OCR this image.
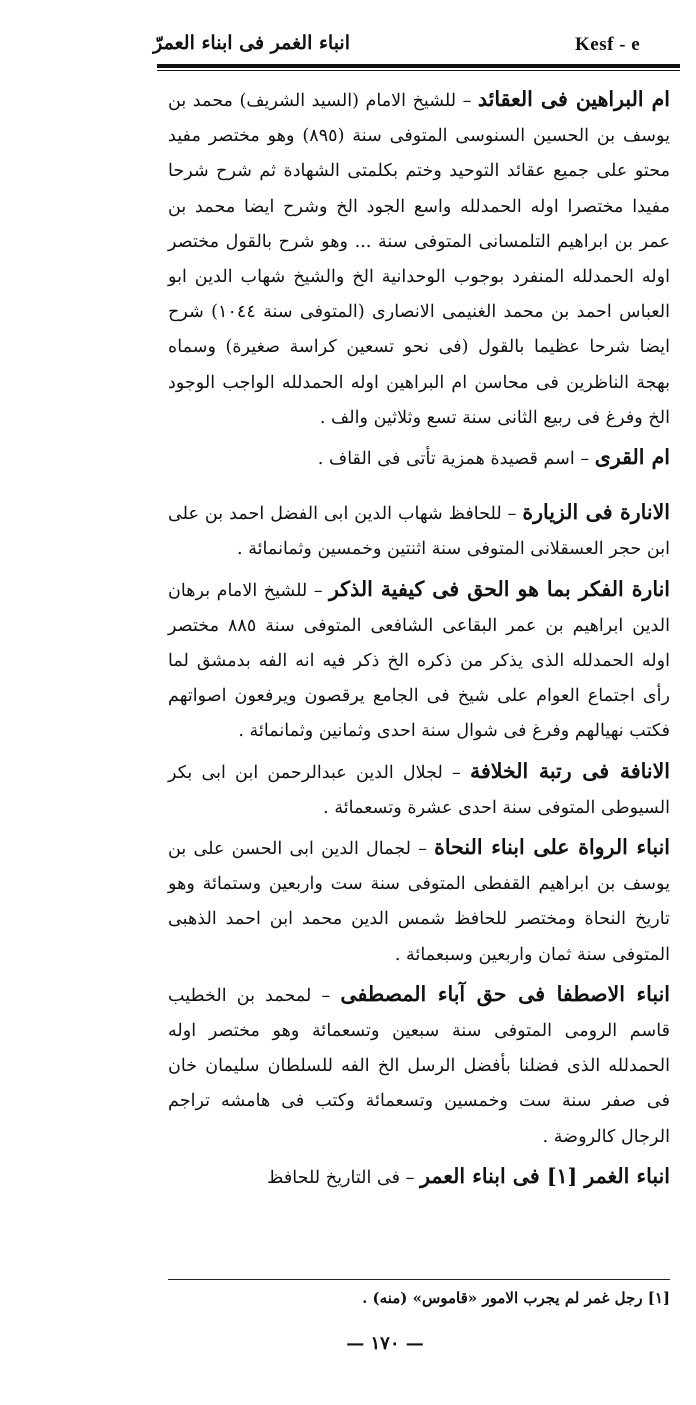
Kesf - e
انباء الغمر فى ابناء العمرّ

ام البراهين فى العقائد – للشيخ الامام (السيد الشريف) محمد بن يوسف بن الحسين السنوسى المتوفى سنة (٨٩٥) وهو مختصر مفيد محتو على جميع عقائد التوحيد وختم بكلمتى الشهادة ثم شرح شرحا مفيدا مختصرا اوله الحمدلله واسع الجود الخ وشرح ايضا محمد بن عمر بن ابراهيم التلمسانى المتوفى سنة ... وهو شرح بالقول مختصر اوله الحمدلله المنفرد بوجوب الوحدانية الخ والشيخ شهاب الدين ابو العباس احمد بن محمد الغنيمى الانصارى (المتوفى سنة ١٠٤٤) شرح ايضا شرحا عظيما بالقول (فى نحو تسعين كراسة صغيرة) وسماه بهجة الناظرين فى محاسن ام البراهين اوله الحمدلله الواجب الوجود الخ وفرغ فى ربيع الثانى سنة تسع وثلاثين والف .

ام القرى – اسم قصيدة همزية تأتى فى القاف .

الانارة فى الزيارة – للحافظ شهاب الدين ابى الفضل احمد بن على ابن حجر العسقلانى المتوفى سنة اثنتين وخمسين وثمانمائة .

انارة الفكر بما هو الحق فى كيفية الذكر – للشيخ الامام برهان الدين ابراهيم بن عمر البقاعى الشافعى المتوفى سنة ٨٨٥ مختصر اوله الحمدلله الذى يذكر من ذكره الخ ذكر فيه انه الفه بدمشق لما رأى اجتماع العوام على شيخ فى الجامع يرقصون ويرفعون اصواتهم فكتب نهيالهم وفرغ فى شوال سنة احدى وثمانين وثمانمائة .

الانافة فى رتبة الخلافة – لجلال الدين عبدالرحمن ابن ابى بكر السيوطى المتوفى سنة احدى عشرة وتسعمائة .

انباء الرواة على ابناء النحاة – لجمال الدين ابى الحسن على بن يوسف بن ابراهيم القفطى المتوفى سنة ست واربعين وستمائة وهو تاريخ النحاة ومختصر للحافظ شمس الدين محمد ابن احمد الذهبى المتوفى سنة ثمان واربعين وسبعمائة .

انباء الاصطفا فى حق آباء المصطفى – لمحمد بن الخطيب قاسم الرومى المتوفى سنة سبعين وتسعمائة وهو مختصر اوله الحمدلله الذى فضلنا بأفضل الرسل الخ الفه للسلطان سليمان خان فى صفر سنة ست وخمسين وتسعمائة وكتب فى هامشه تراجم الرجال كالروضة .

انباء الغمر [١] فى ابناء العمر – فى التاريخ للحافظ

[١] رجل غمر لم يجرب الامور «قاموس» (منه) .
— ١٧٠ —
